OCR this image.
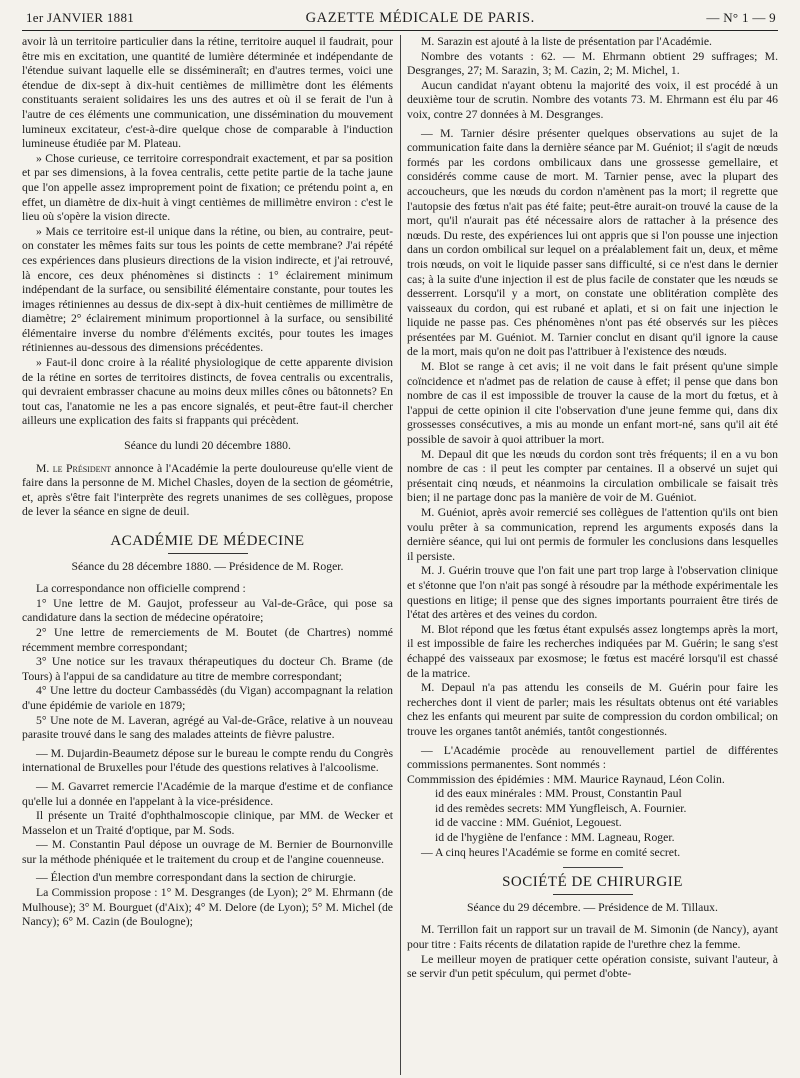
1er JANVIER 1881	GAZETTE MÉDICALE DE PARIS.	— N° 1 — 9

avoir là un territoire particulier dans la rétine, territoire auquel il faudrait, pour être mis en excitation, une quantité de lumière déterminée et indépendante de l'étendue suivant laquelle elle se dissémineraît; en d'autres termes, voici une étendue de dix-sept à dix-huit centièmes de millimètre dont les éléments constituants seraient solidaires les uns des autres et où il se ferait de l'un à l'autre de ces éléments une communication, une dissémination du mouvement lumineux excitateur, c'est-à-dire quelque chose de comparable à l'induction lumineuse étudiée par M. Plateau.

» Chose curieuse, ce territoire correspondrait exactement, et par sa position et par ses dimensions, à la fovea centralis, cette petite partie de la tache jaune que l'on appelle assez improprement point de fixation; ce prétendu point a, en effet, un diamètre de dix-huit à vingt centièmes de millimètre environ : c'est le lieu où s'opère la vision directe.

» Mais ce territoire est-il unique dans la rétine, ou bien, au contraire, peut-on constater les mêmes faits sur tous les points de cette membrane? J'ai répété ces expériences dans plusieurs directions de la vision indirecte, et j'ai retrouvé, là encore, ces deux phénomènes si distincts : 1° éclairement minimum indépendant de la surface, ou sensibilité élémentaire constante, pour toutes les images rétiniennes au dessus de dix-sept à dix-huit centièmes de millimètre de diamètre; 2° éclairement minimum proportionnel à la surface, ou sensibilité élémentaire inverse du nombre d'éléments excités, pour toutes les images rétiniennes au-dessous des dimensions précédentes.

» Faut-il donc croire à la réalité physiologique de cette apparente division de la rétine en sortes de territoires distincts, de fovea centralis ou excentralis, qui devraient embrasser chacune au moins deux milles cônes ou bâtonnets? En tout cas, l'anatomie ne les a pas encore signalés, et peut-être faut-il chercher ailleurs une explication des faits si frappants qui précèdent.

Séance du lundi 20 décembre 1880.

M. le Président annonce à l'Académie la perte douloureuse qu'elle vient de faire dans la personne de M. Michel Chasles, doyen de la section de géométrie, et, après s'être fait l'interprète des regrets unanimes de ses collègues, propose de lever la séance en signe de deuil.

ACADÉMIE DE MÉDECINE

Séance du 28 décembre 1880. — Présidence de M. Roger.

La correspondance non officielle comprend :

1° Une lettre de M. Gaujot, professeur au Val-de-Grâce, qui pose sa candidature dans la section de médecine opératoire;

2° Une lettre de remerciements de M. Boutet (de Chartres) nommé récemment membre correspondant;

3° Une notice sur les travaux thérapeutiques du docteur Ch. Brame (de Tours) à l'appui de sa candidature au titre de membre correspondant;

4° Une lettre du docteur Cambassédès (du Vigan) accompagnant la relation d'une épidémie de variole en 1879;

5° Une note de M. Laveran, agrégé au Val-de-Grâce, relative à un nouveau parasite trouvé dans le sang des malades atteints de fièvre palustre.

— M. Dujardin-Beaumetz dépose sur le bureau le compte rendu du Congrès international de Bruxelles pour l'étude des questions relatives à l'alcoolisme.

— M. Gavarret remercie l'Académie de la marque d'estime et de confiance qu'elle lui a donnée en l'appelant à la vice-présidence.

Il présente un Traité d'ophthalmoscopie clinique, par MM. de Wecker et Masselon et un Traité d'optique, par M. Sods.

— M. Constantin Paul dépose un ouvrage de M. Bernier de Bournonville sur la méthode phéniquée et le traitement du croup et de l'angine couenneuse.

— Élection d'un membre correspondant dans la section de chirurgie.

La Commission propose : 1° M. Desgranges (de Lyon); 2° M. Ehrmann (de Mulhouse); 3° M. Bourguet (d'Aix); 4° M. Delore (de Lyon); 5° M. Michel (de Nancy); 6° M. Cazin (de Boulogne);

M. Sarazin est ajouté à la liste de présentation par l'Académie.

Nombre des votants : 62. — M. Ehrmann obtient 29 suffrages; M. Desgranges, 27; M. Sarazin, 3; M. Cazin, 2; M. Michel, 1.

Aucun candidat n'ayant obtenu la majorité des voix, il est procédé à un deuxième tour de scrutin. Nombre des votants 73. M. Ehrmann est élu par 46 voix, contre 27 données à M. Desgranges.

— M. Tarnier désire présenter quelques observations au sujet de la communication faite dans la dernière séance par M. Guéniot; il s'agit de nœuds formés par les cordons ombilicaux dans une grossesse gemellaire, et considérés comme cause de mort. M. Tarnier pense, avec la plupart des accoucheurs, que les nœuds du cordon n'amènent pas la mort; il regrette que l'autopsie des fœtus n'ait pas été faite; peut-être aurait-on trouvé la cause de la mort, qu'il n'aurait pas été nécessaire alors de rattacher à la présence des nœuds. Du reste, des expériences lui ont appris que si l'on pousse une injection dans un cordon ombilical sur lequel on a préalablement fait un, deux, et même trois nœuds, on voit le liquide passer sans difficulté, si ce n'est dans le dernier cas; à la suite d'une injection il est de plus facile de constater que les nœuds se desserrent. Lorsqu'il y a mort, on constate une oblitération complète des vaisseaux du cordon, qui est rubané et aplati, et si on fait une injection le liquide ne passe pas. Ces phénomènes n'ont pas été observés sur les pièces présentées par M. Guéniot. M. Tarnier conclut en disant qu'il ignore la cause de la mort, mais qu'on ne doit pas l'attribuer à l'existence des nœuds.

M. Blot se range à cet avis; il ne voit dans le fait présent qu'une simple coïncidence et n'admet pas de relation de cause à effet; il pense que dans bon nombre de cas il est impossible de trouver la cause de la mort du fœtus, et à l'appui de cette opinion il cite l'observation d'une jeune femme qui, dans dix grossesses consécutives, a mis au monde un enfant mort-né, sans qu'il ait été possible de savoir à quoi attribuer la mort.

M. Depaul dit que les nœuds du cordon sont très fréquents; il en a vu bon nombre de cas : il peut les compter par centaines. Il a observé un sujet qui présentait cinq nœuds, et néanmoins la circulation ombilicale se faisait très bien; il ne partage donc pas la manière de voir de M. Guéniot.

M. Guéniot, après avoir remercié ses collègues de l'attention qu'ils ont bien voulu prêter à sa communication, reprend les arguments exposés dans la dernière séance, qui lui ont permis de formuler les conclusions dans lesquelles il persiste.

M. J. Guérin trouve que l'on fait une part trop large à l'observation clinique et s'étonne que l'on n'ait pas songé à résoudre par la méthode expérimentale les questions en litige; il pense que des signes importants pourraient être tirés de l'état des artères et des veines du cordon.

M. Blot répond que les fœtus étant expulsés assez longtemps après la mort, il est impossible de faire les recherches indiquées par M. Guérin; le sang s'est échappé des vaisseaux par exosmose; le fœtus est macéré lorsqu'il est chassé de la matrice.

M. Depaul n'a pas attendu les conseils de M. Guérin pour faire les recherches dont il vient de parler; mais les résultats obtenus ont été variables chez les enfants qui meurent par suite de compression du cordon ombilical; on trouve les organes tantôt anémiés, tantôt congestionnés.

— L'Académie procède au renouvellement partiel de différentes commissions permanentes. Sont nommés :

Commmission des épidémies : MM. Maurice Raynaud, Léon Colin.

id des eaux minérales : MM. Proust, Constantin Paul

id des remèdes secrets: MM Yungfleisch, A. Fournier.

id de vaccine : MM. Guéniot, Legouest.

id de l'hygiène de l'enfance : MM. Lagneau, Roger.

— A cinq heures l'Académie se forme en comité secret.

SOCIÉTÉ DE CHIRURGIE

Séance du 29 décembre. — Présidence de M. Tillaux.

M. Terrillon fait un rapport sur un travail de M. Simonin (de Nancy), ayant pour titre : Faits récents de dilatation rapide de l'urethre chez la femme.

Le meilleur moyen de pratiquer cette opération consiste, suivant l'auteur, à se servir d'un petit spéculum, qui permet d'obte-
